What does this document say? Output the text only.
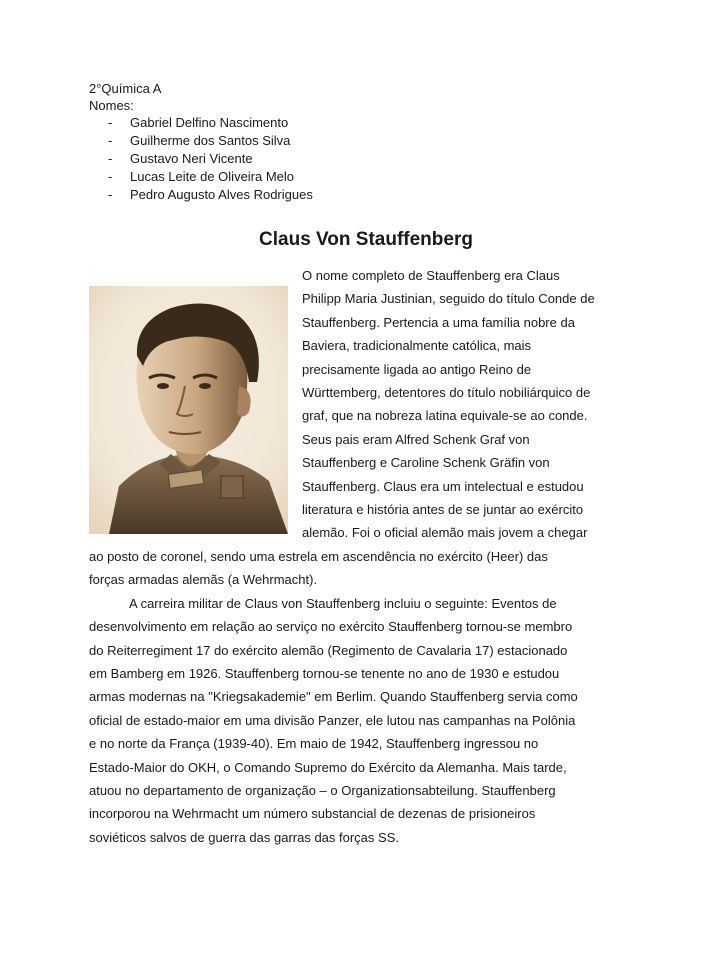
2°Química A
Nomes:
- Gabriel Delfino Nascimento
- Guilherme dos Santos Silva
- Gustavo Neri Vicente
- Lucas Leite de Oliveira Melo
- Pedro Augusto Alves Rodrigues
Claus Von Stauffenberg
O nome completo de Stauffenberg era Claus
Philipp Maria Justinian, seguido do título Conde de
Stauffenberg. Pertencia a uma família nobre da
Baviera, tradicionalmente católica, mais
precisamente ligada ao antigo Reino de
Württemberg, detentores do título nobiliárquico de
graf, que na nobreza latina equivale-se ao conde.
Seus pais eram Alfred Schenk Graf von
Stauffenberg e Caroline Schenk Gräfin von
Stauffenberg. Claus era um intelectual e estudou
literatura e história antes de se juntar ao exército
alemão. Foi o oficial alemão mais jovem a chegar
ao posto de coronel, sendo uma estrela em ascendência no exército (Heer) das
forças armadas alemãs (a Wehrmacht).
A carreira militar de Claus von Stauffenberg incluiu o seguinte: Eventos de
desenvolvimento em relação ao serviço no exército Stauffenberg tornou-se membro
do Reiterregiment 17 do exército alemão (Regimento de Cavalaria 17) estacionado
em Bamberg em 1926. Stauffenberg tornou-se tenente no ano de 1930 e estudou
armas modernas na "Kriegsakademie" em Berlim. Quando Stauffenberg servia como
oficial de estado-maior em uma divisão Panzer, ele lutou nas campanhas na Polônia
e no norte da França (1939-40). Em maio de 1942, Stauffenberg ingressou no
Estado-Maior do OKH, o Comando Supremo do Exército da Alemanha. Mais tarde,
atuou no departamento de organização – o Organizationsabteilung. Stauffenberg
incorporou na Wehrmacht um número substancial de dezenas de prisioneiros
soviéticos salvos de guerra das garras das forças SS.
